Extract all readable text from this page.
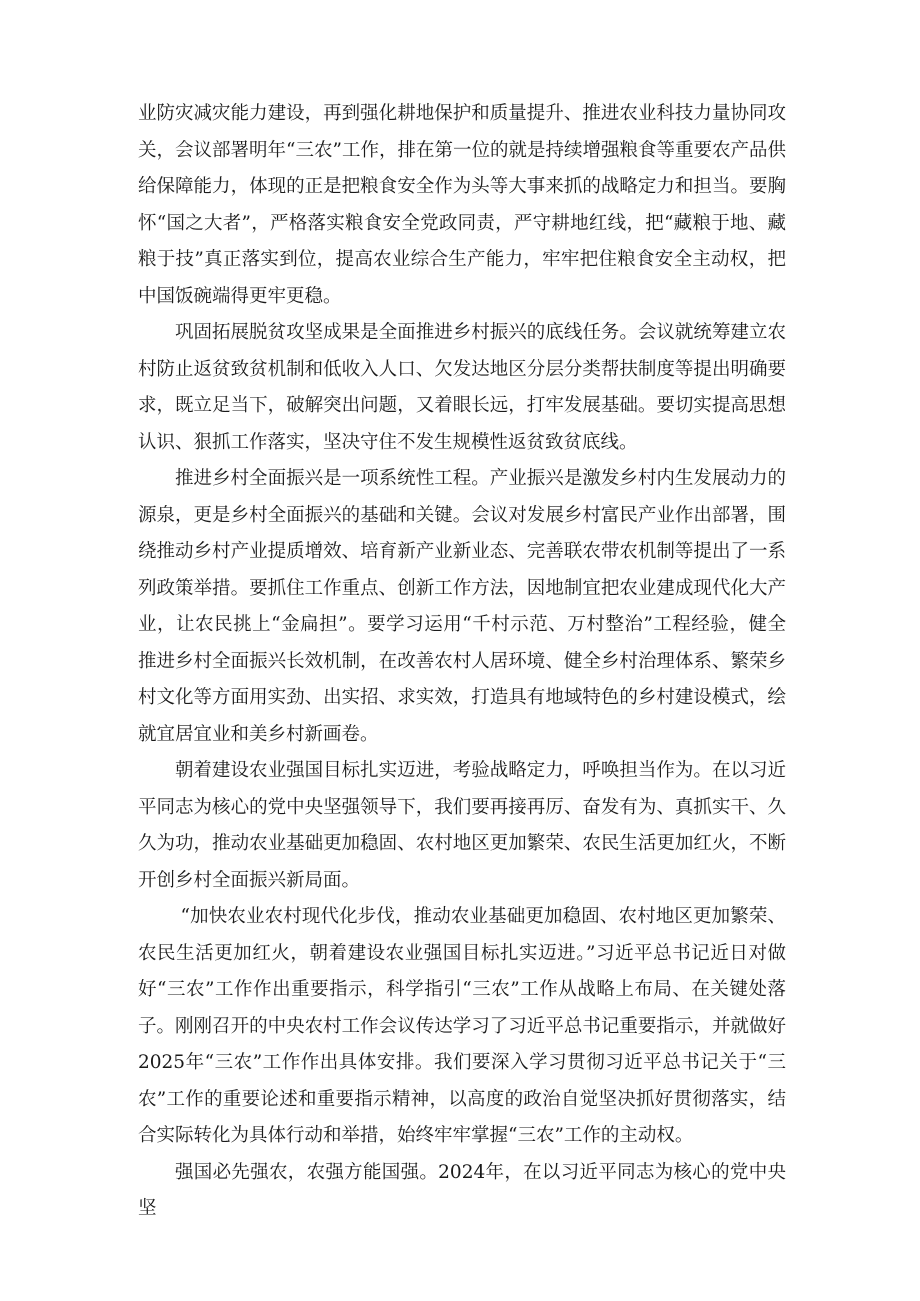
业防灾减灾能力建设，再到强化耕地保护和质量提升、推进农业科技力量协同攻关，会议部署明年“三农”工作，排在第一位的就是持续增强粮食等重要农产品供给保障能力，体现的正是把粮食安全作为头等大事来抓的战略定力和担当。要胸怀“国之大者”，严格落实粮食安全党政同责，严守耕地红线，把“藏粮于地、藏粮于技”真正落实到位，提高农业综合生产能力，牢牢把住粮食安全主动权，把中国饭碗端得更牢更稳。

巩固拓展脱贫攻坚成果是全面推进乡村振兴的底线任务。会议就统筹建立农村防止返贫致贫机制和低收入人口、欠发达地区分层分类帮扶制度等提出明确要求，既立足当下，破解突出问题，又着眼长远，打牢发展基础。要切实提高思想认识、狠抓工作落实，坚决守住不发生规模性返贫致贫底线。

推进乡村全面振兴是一项系统性工程。产业振兴是激发乡村内生发展动力的源泉，更是乡村全面振兴的基础和关键。会议对发展乡村富民产业作出部署，围绕推动乡村产业提质增效、培育新产业新业态、完善联农带农机制等提出了一系列政策举措。要抓住工作重点、创新工作方法，因地制宜把农业建成现代化大产业，让农民挑上“金扁担”。要学习运用“千村示范、万村整治”工程经验，健全推进乡村全面振兴长效机制，在改善农村人居环境、健全乡村治理体系、繁荣乡村文化等方面用实劲、出实招、求实效，打造具有地域特色的乡村建设模式，绘就宜居宜业和美乡村新画卷。

朝着建设农业强国目标扎实迈进，考验战略定力，呼唤担当作为。在以习近平同志为核心的党中央坚强领导下，我们要再接再厉、奋发有为、真抓实干、久久为功，推动农业基础更加稳固、农村地区更加繁荣、农民生活更加红火，不断开创乡村全面振兴新局面。

“加快农业农村现代化步伐，推动农业基础更加稳固、农村地区更加繁荣、农民生活更加红火，朝着建设农业强国目标扎实迈进。”习近平总书记近日对做好“三农”工作作出重要指示，科学指引“三农”工作从战略上布局、在关键处落子。刚刚召开的中央农村工作会议传达学习了习近平总书记重要指示，并就做好2025年“三农”工作作出具体安排。我们要深入学习贯彻习近平总书记关于“三农”工作的重要论述和重要指示精神，以高度的政治自觉坚决抓好贯彻落实，结合实际转化为具体行动和举措，始终牢牢掌握“三农”工作的主动权。

强国必先强农，农强方能国强。2024年，在以习近平同志为核心的党中央坚
